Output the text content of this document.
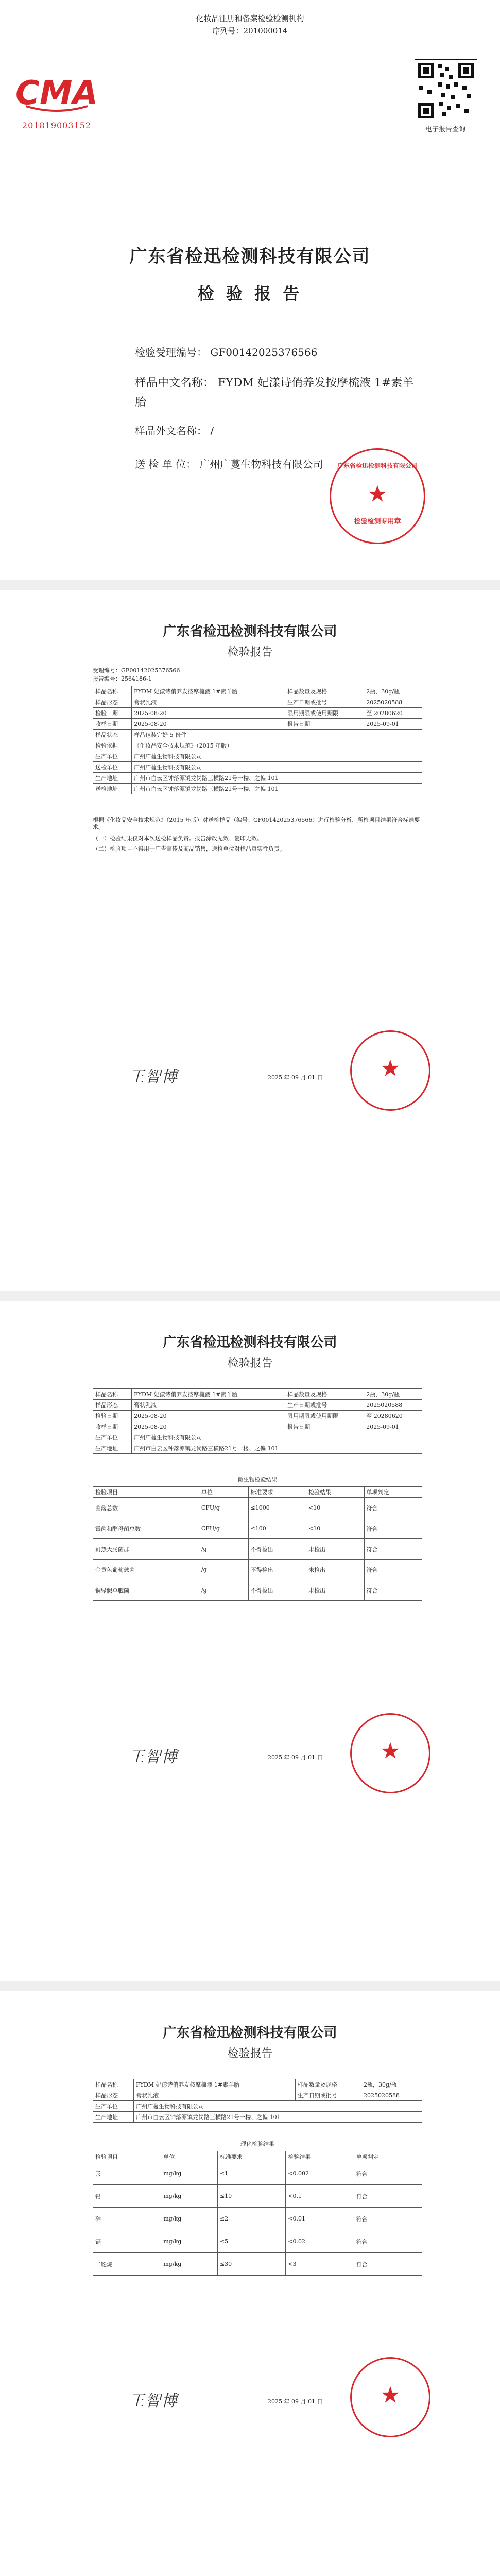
化妆品注册和备案检验检测机构
序列号：201000014
CMA
201819003152	电子报告查询
广东省检迅检测科技有限公司
检 验 报 告
检验受理编号： GF00142025376566
样品中文名称： FYDM 妃漾诗俏养发按摩梳液 1#素羊胎
样品外文名称： /
送 检 单 位： 广州广蔓生物科技有限公司	广东省检迅检测科技有限公司
★
检验检测专用章
广东省检迅检测科技有限公司
检验报告
受理编号：GF00142025376566
报告编号：2564186-1
样品名称	FYDM 妃漾诗俏养发按摩梳液 1#素羊胎	样品数量及规格	2瓶，30g/瓶
样品形态	膏状乳液	生产日期或批号	2025020588
检验日期	2025-08-20	限用期限或使用期限	至 20280620
收样日期	2025-08-20	报告日期	2025-09-01
样品状态	样品包装完好 5 份件		
检验依据	《化妆品安全技术规范》（2015 年版）		
生产单位	广州广蔓生物科技有限公司		
送检单位	广州广蔓生物科技有限公司		
生产地址	广州市白云区钟落潭镇龙岗路三横路21号一楼、之偏 101		
送检地址	广州市白云区钟落潭镇龙岗路三横路21号一楼、之偏 101		
根据《化妆品安全技术规范》（2015 年版）对送检样品（编号：GF00142025376566）进行检验分析，所检项目结果符合标准要求。
（一）检验结果仅对本次送检样品负责。报告涂改无效、复印无效。
（二）检验项目不得用于广告宣传及商品销售，送检单位对样品真实性负责。
王智博	2025 年 09 月 01 日	★
广东省检迅检测科技有限公司
检验报告
样品名称	FYDM 妃漾诗俏养发按摩梳液 1#素羊胎	样品数量及规格	2瓶，30g/瓶
样品形态	膏状乳液	生产日期或批号	2025020588
检验日期	2025-08-20	限用期限或使用期限	至 20280620
收样日期	2025-08-20	报告日期	2025-09-01
生产单位	广州广蔓生物科技有限公司		
生产地址	广州市白云区钟落潭镇龙岗路三横路21号一楼、之偏 101		
微生物检验结果
检验项目	单位	标准要求	检验结果	单项判定
菌落总数	CFU/g	≤1000	<10	符合
霉菌和酵母菌总数	CFU/g	≤100	<10	符合
耐热大肠菌群	/g	不得检出	未检出	符合
金黄色葡萄球菌	/g	不得检出	未检出	符合
铜绿假单胞菌	/g	不得检出	未检出	符合
王智博	2025 年 09 月 01 日	★
广东省检迅检测科技有限公司
检验报告
样品名称	FYDM 妃漾诗俏养发按摩梳液 1#素羊胎	样品数量及规格	2瓶，30g/瓶
样品形态	膏状乳液	生产日期或批号	2025020588
生产单位	广州广蔓生物科技有限公司		
生产地址	广州市白云区钟落潭镇龙岗路三横路21号一楼、之偏 101		
理化检验结果
检验项目	单位	标准要求	检验结果	单项判定
汞	mg/kg	≤1	<0.002	符合
铅	mg/kg	≤10	<0.1	符合
砷	mg/kg	≤2	<0.01	符合
镉	mg/kg	≤5	<0.02	符合
二噁烷	mg/kg	≤30	<3	符合
王智博	2025 年 09 月 01 日	★
